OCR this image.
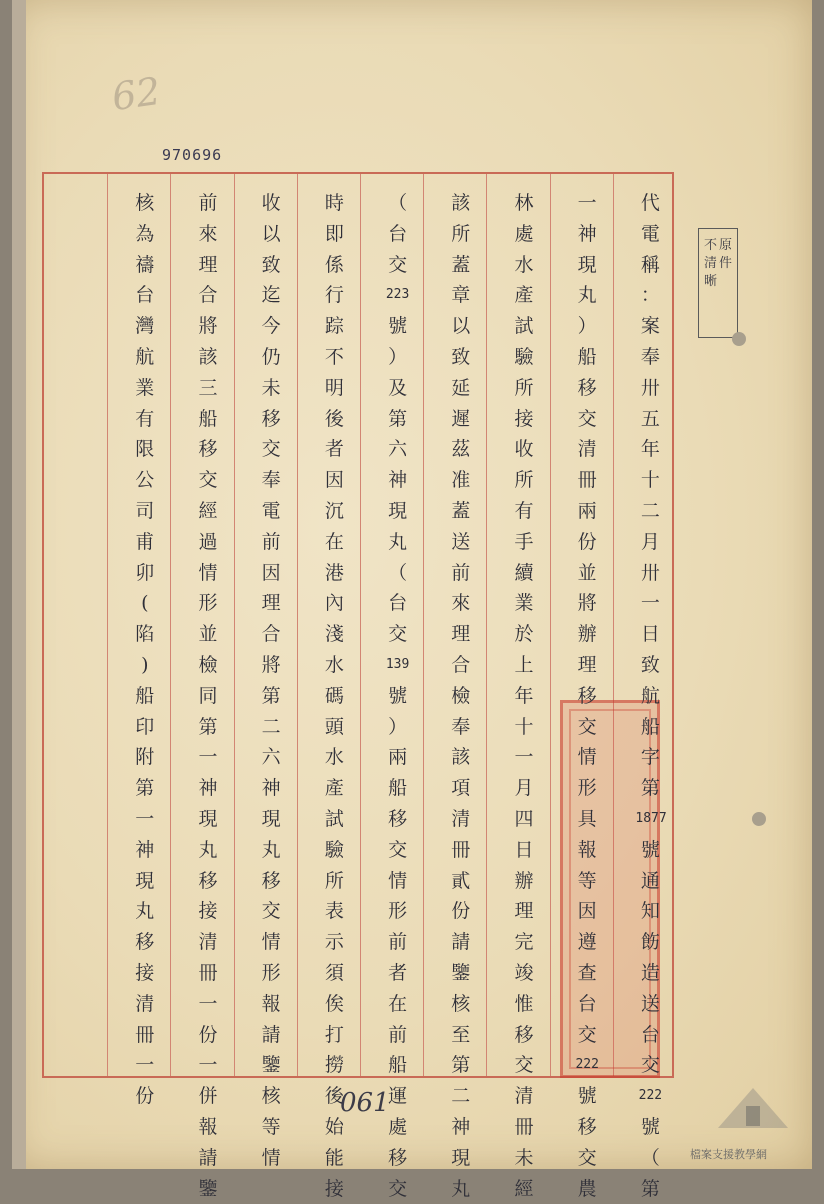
62
970696
代
電
稱
：
案
奉
卅
五
年
十
二
月
卅
一
日
致
航
船
字
第
1877
號
通
知
飭
造
送
台
交
222
號
（
第
一
神
現
丸
）
船
移
交
清
冊
兩
份
並
將
辦
理
移
交
情
形
具
報
等
因
遵
查
台
交
222
號
移
交
農
林
處
水
產
試
驗
所
接
收
所
有
手
續
業
於
上
年
十
一
月
四
日
辦
理
完
竣
惟
移
交
清
冊
未
經
該
所
蓋
章
以
致
延
遲
茲
准
蓋
送
前
來
理
合
檢
奉
該
項
清
冊
貳
份
請
鑒
核
至
第
二
神
現
丸
（
台
交
223
號
）
及
第
六
神
現
丸
（
台
交
139
號
）
兩
船
移
交
情
形
前
者
在
前
船
運
處
移
交
時
即
係
行
踪
不
明
後
者
因
沉
在
港
內
淺
水
碼
頭
水
產
試
驗
所
表
示
須
俟
打
撈
後
始
能
接
收
以
致
迄
今
仍
未
移
交
奉
電
前
因
理
合
將
第
二
六
神
現
丸
移
交
情
形
報
請
鑒
核
等
情
前
來
理
合
將
該
三
船
移
交
經
過
情
形
並
檢
同
第
一
神
現
丸
移
接
清
冊
一
份
一
併
報
請
鑒
核
為
禱
台
灣
航
業
有
限
公
司
甫
卯
(
陷
)
船
印
附
第
一
神
現
丸
移
接
清
冊
一
份
原
件
不
清
晰
061
檔案支援教學網
